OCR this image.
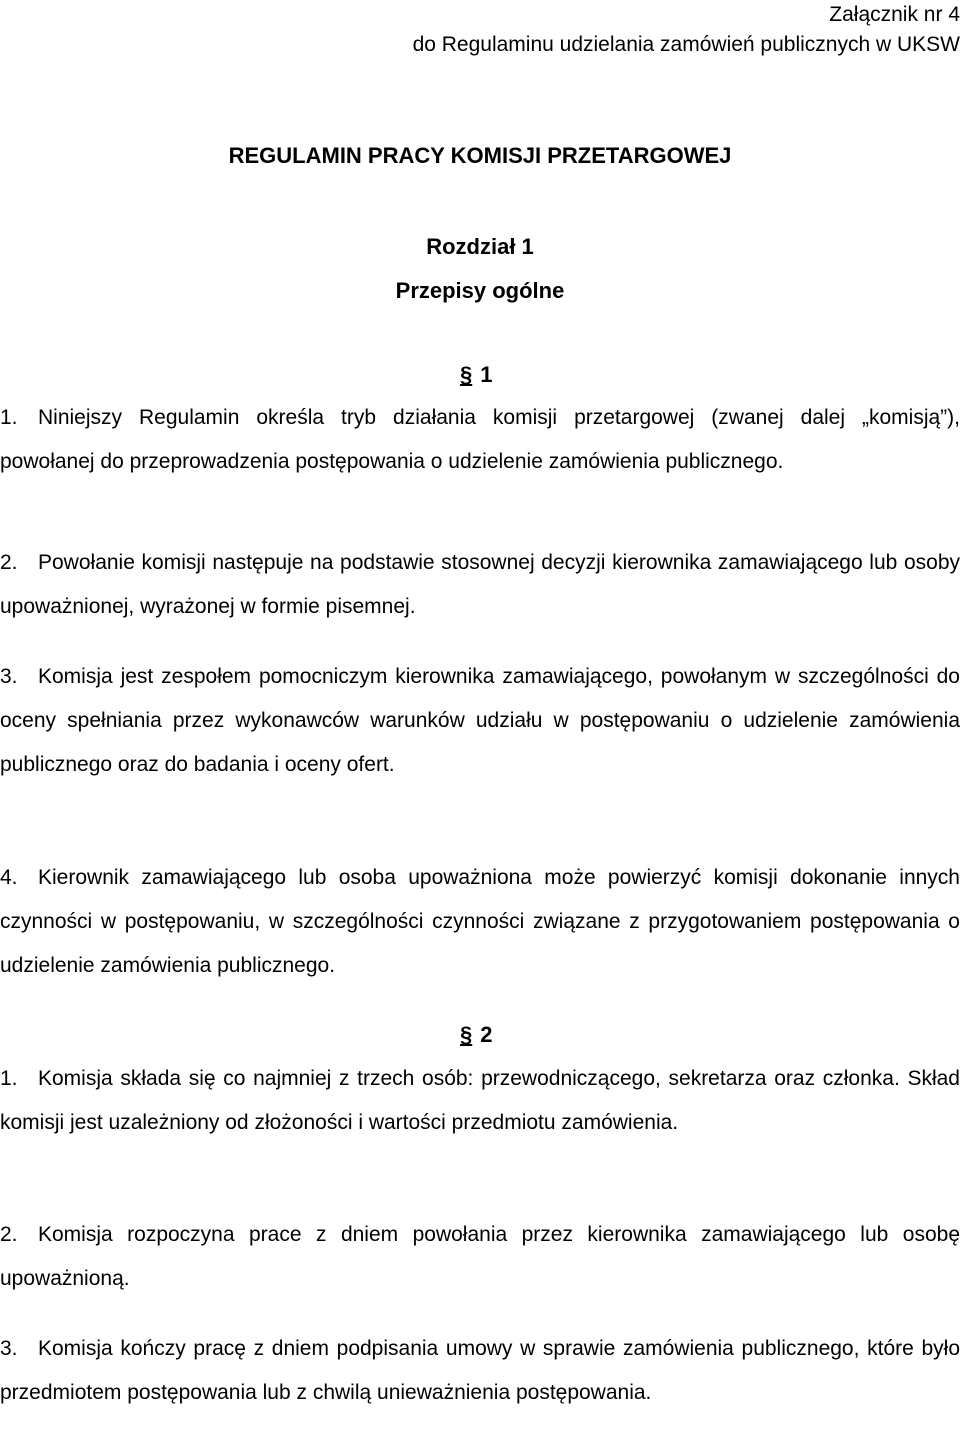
Załącznik nr 4
do Regulaminu udzielania zamówień publicznych w UKSW
REGULAMIN PRACY KOMISJI PRZETARGOWEJ
Rozdział 1
Przepisy ogólne
§ 1
1. Niniejszy Regulamin określa tryb działania komisji przetargowej (zwanej dalej „komisją”), powołanej do przeprowadzenia postępowania o udzielenie zamówienia publicznego.
2. Powołanie komisji następuje na podstawie stosownej decyzji kierownika zamawiającego lub osoby upoważnionej, wyrażonej w formie pisemnej.
3. Komisja jest zespołem pomocniczym kierownika zamawiającego, powołanym w szczególności do oceny spełniania przez wykonawców warunków udziału w postępowaniu o udzielenie zamówienia publicznego oraz do badania i oceny ofert.
4. Kierownik zamawiającego lub osoba upoważniona może powierzyć komisji dokonanie innych czynności w postępowaniu, w szczególności czynności związane z przygotowaniem postępowania o udzielenie zamówienia publicznego.
§ 2
1. Komisja składa się co najmniej z trzech osób: przewodniczącego, sekretarza oraz członka. Skład komisji jest uzależniony od złożoności i wartości przedmiotu zamówienia.
2. Komisja rozpoczyna prace z dniem powołania przez kierownika zamawiającego lub osobę upoważnioną.
3. Komisja kończy pracę z dniem podpisania umowy w sprawie zamówienia publicznego, które było przedmiotem postępowania lub z chwilą unieważnienia postępowania.
